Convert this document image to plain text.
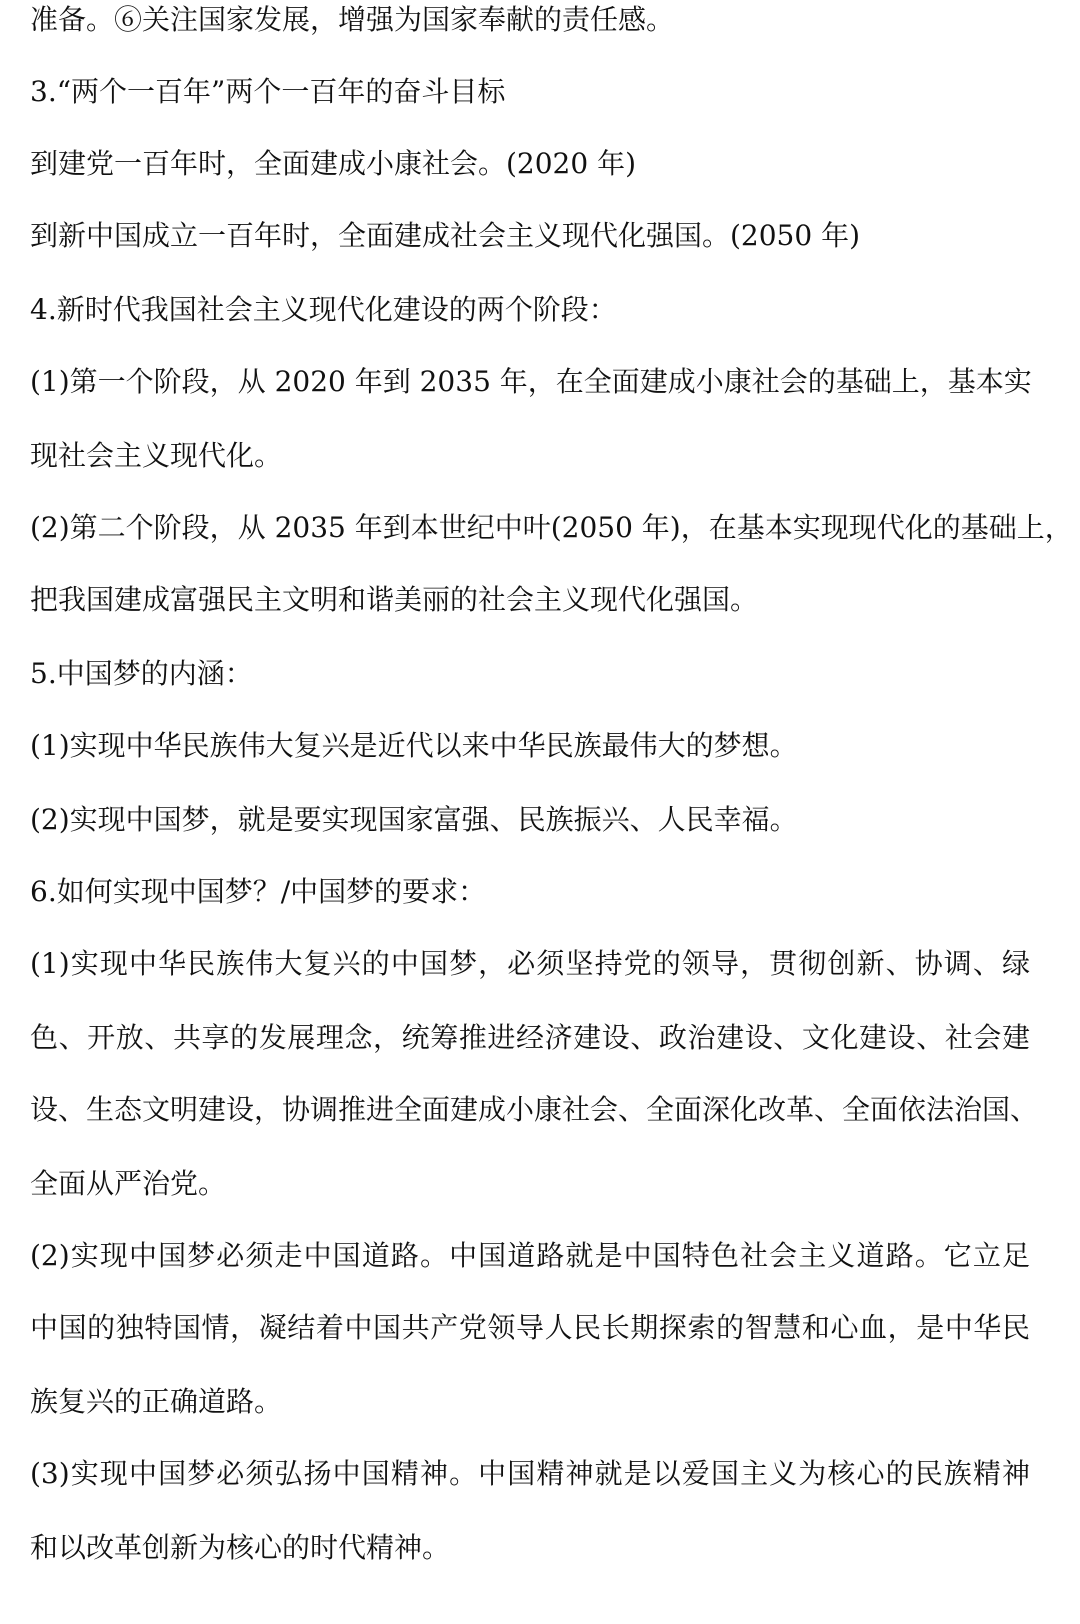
准备。⑥关注国家发展，增强为国家奉献的责任感。
3.“两个一百年”两个一百年的奋斗目标
到建党一百年时，全面建成小康社会。(2020 年)
到新中国成立一百年时，全面建成社会主义现代化强国。(2050 年)
4.新时代我国社会主义现代化建设的两个阶段：
(1)第一个阶段，从 2020 年到 2035 年，在全面建成小康社会的基础上，基本实
现社会主义现代化。
(2)第二个阶段，从 2035 年到本世纪中叶(2050 年)，在基本实现现代化的基础上，
把我国建成富强民主文明和谐美丽的社会主义现代化强国。
5.中国梦的内涵：
(1)实现中华民族伟大复兴是近代以来中华民族最伟大的梦想。
(2)实现中国梦，就是要实现国家富强、民族振兴、人民幸福。
6.如何实现中国梦？/中国梦的要求：
(1)实现中华民族伟大复兴的中国梦，必须坚持党的领导，贯彻创新、协调、绿
色、开放、共享的发展理念，统筹推进经济建设、政治建设、文化建设、社会建
设、生态文明建设，协调推进全面建成小康社会、全面深化改革、全面依法治国、
全面从严治党。
(2)实现中国梦必须走中国道路。中国道路就是中国特色社会主义道路。它立足
中国的独特国情，凝结着中国共产党领导人民长期探索的智慧和心血，是中华民
族复兴的正确道路。
(3)实现中国梦必须弘扬中国精神。中国精神就是以爱国主义为核心的民族精神
和以改革创新为核心的时代精神。
